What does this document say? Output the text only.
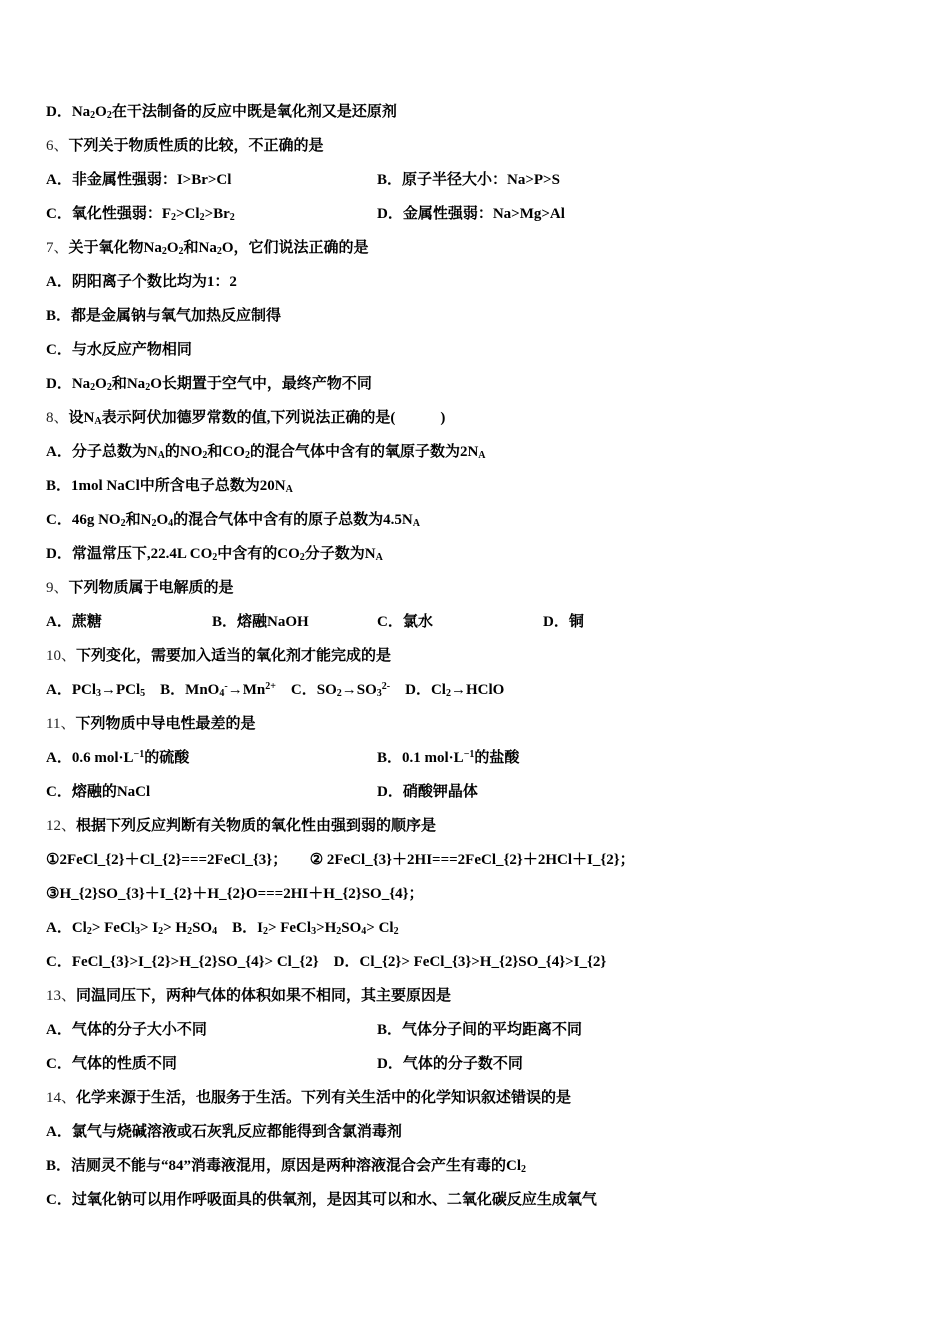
D．$Na_2O_2$在干法制备的反应中既是氧化剂又是还原剂
6、下列关于物质性质的比较，不正确的是
A．非金属性强弱：I>Br>Cl	B．原子半径大小：Na>P>S
C．氧化性强弱：$F_2>Cl_2>Br_2$	D．金属性强弱：Na>Mg>Al
7、关于氧化物$Na_2O_2$和$Na_2O$，它们说法正确的是
A．阴阳离子个数比均为1：2
B．都是金属钠与氧气加热反应制得
C．与水反应产物相同
D．$Na_2O_2$和$Na_2O$长期置于空气中，最终产物不同
8、设$N_A$表示阿伏加德罗常数的值,下列说法正确的是(　　　)
A．分子总数为$N_A$的$NO_2$和$CO_2$的混合气体中含有的氧原子数为$2N_A$
B．1mol NaCl中所含电子总数为$20N_A$
C．46g $NO_2$和$N_2O_4$的混合气体中含有的原子总数为$4.5N_A$
D．常温常压下,22.4L $CO_2$中含有的$CO_2$分子数为$N_A$
9、下列物质属于电解质的是
A．蔗糖	B．熔融NaOH	C．氯水	D．铜
10、下列变化，需要加入适当的氧化剂才能完成的是
A．PCl$_3$→PCl$_5$　B．$MnO_4^-\to Mn^{2+}$　C．$SO_2\to SO_3^{2-}$　D．$Cl_2\to HClO$
11、下列物质中导电性最差的是
A．0.6 $mol\cdot L^{-1}$的硫酸	B．0.1 $mol\cdot L^{-1}$的盐酸
C．熔融的NaCl	D．硝酸钾晶体
12、根据下列反应判断有关物质的氧化性由强到弱的顺序是
①2FeCl_{2}＋Cl_{2}===2FeCl_{3}；　　② 2FeCl_{3}＋2HI===2FeCl_{2}＋2HCl＋I_{2}；
③H_{2}SO_{3}＋I_{2}＋H_{2}O===2HI＋H_{2}SO_{4}；
A．$Cl_2>$ FeCl$_3$> $I_2> H_2SO_4$　B．$I_2>$ $FeCl_3>H_2SO_4> Cl_2$
C．FeCl_{3}>I_{2}>H_{2}SO_{4}> Cl_{2}　D．Cl_{2}> FeCl_{3}>H_{2}SO_{4}>I_{2}
13、同温同压下，两种气体的体积如果不相同，其主要原因是
A．气体的分子大小不同	B．气体分子间的平均距离不同
C．气体的性质不同	D．气体的分子数不同
14、化学来源于生活，也服务于生活。下列有关生活中的化学知识叙述错误的是
A．氯气与烧碱溶液或石灰乳反应都能得到含氯消毒剂
B．洁厕灵不能与“84”消毒液混用，原因是两种溶液混合会产生有毒的$Cl_2$
C．过氧化钠可以用作呼吸面具的供氧剂，是因其可以和水、二氧化碳反应生成氧气
